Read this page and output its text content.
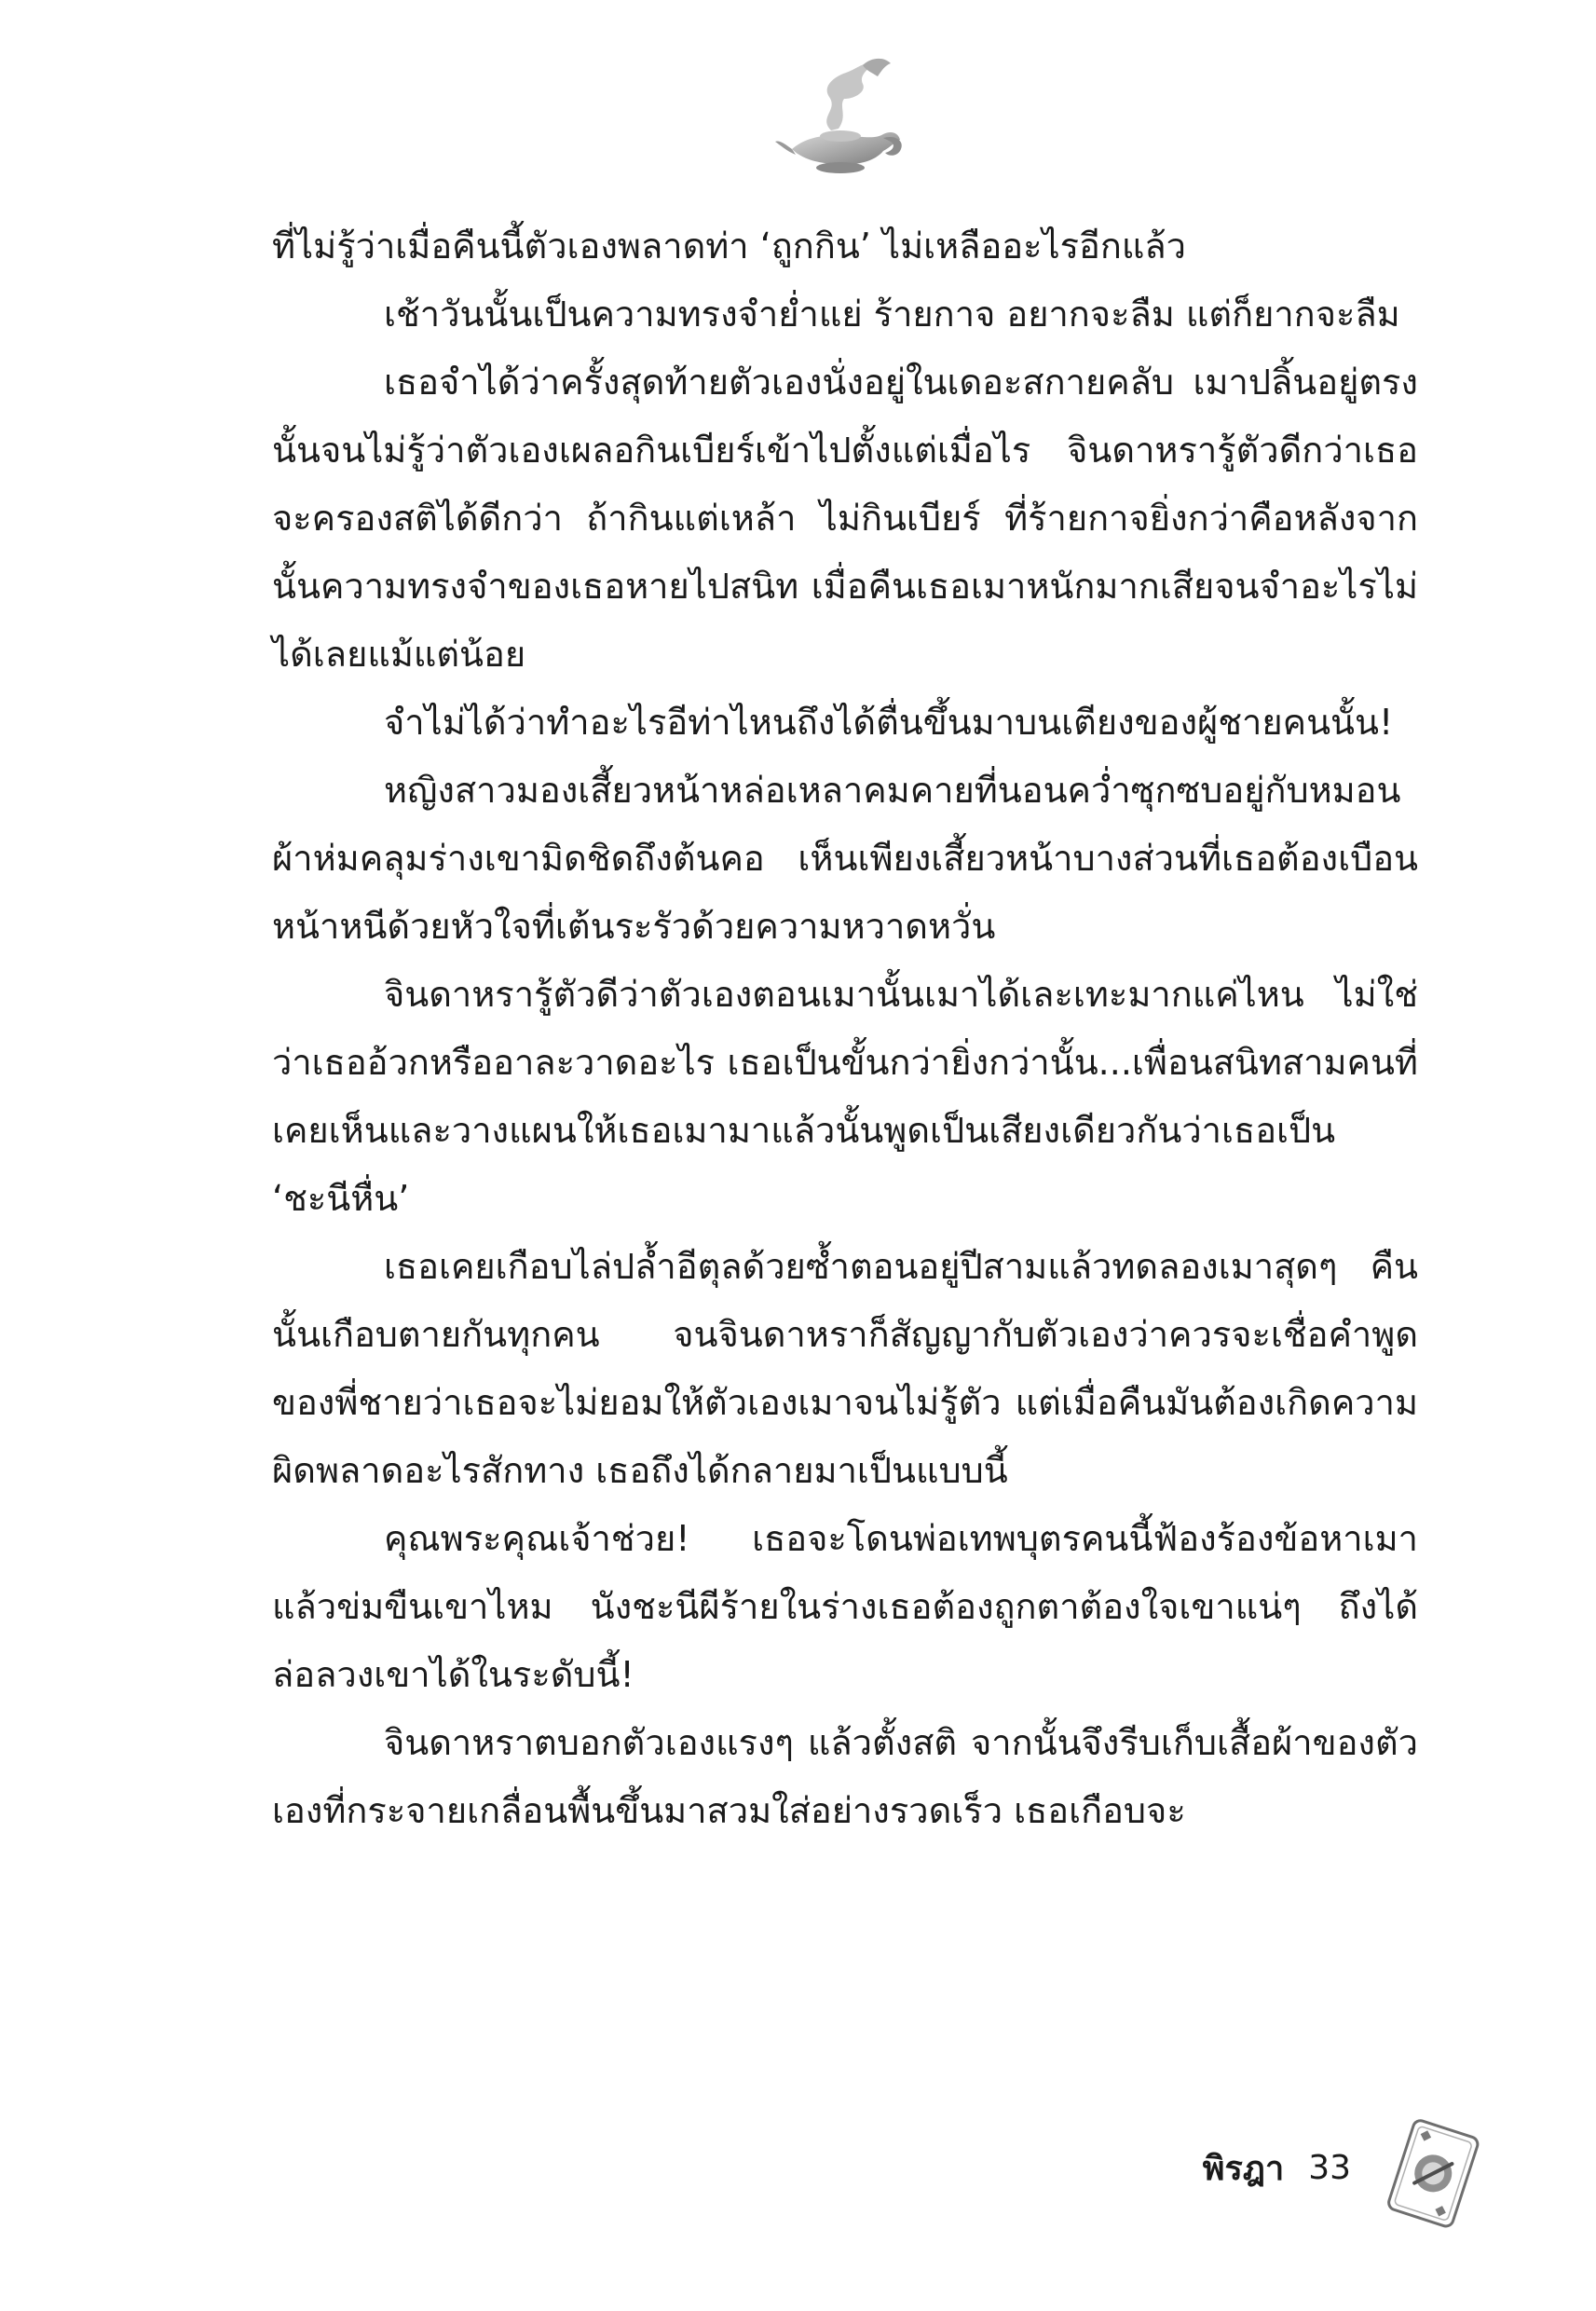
ที่ไม่รู้ว่าเมื่อคืนนี้ตัวเองพลาดท่า ‘ถูกกิน’ ไม่เหลืออะไรอีกแล้ว

เช้าวันนั้นเป็นความทรงจำย่ำแย่ ร้ายกาจ อยากจะลืม แต่ก็ยากจะลืม

เธอจำได้ว่าครั้งสุดท้ายตัวเองนั่งอยู่ในเดอะสกายคลับ เมาปลิ้นอยู่ตรงนั้นจนไม่รู้ว่าตัวเองเผลอกินเบียร์เข้าไปตั้งแต่เมื่อไร จินดาหรารู้ตัวดีกว่าเธอจะครองสติได้ดีกว่า ถ้ากินแต่เหล้า ไม่กินเบียร์ ที่ร้ายกาจยิ่งกว่าคือหลังจากนั้นความทรงจำของเธอหายไปสนิท เมื่อคืนเธอเมาหนักมากเสียจนจำอะไรไม่ได้เลยแม้แต่น้อย

จำไม่ได้ว่าทำอะไรอีท่าไหนถึงได้ตื่นขึ้นมาบนเตียงของผู้ชายคนนั้น!

หญิงสาวมองเสี้ยวหน้าหล่อเหลาคมคายที่นอนคว่ำซุกซบอยู่กับหมอน ผ้าห่มคลุมร่างเขามิดชิดถึงต้นคอ เห็นเพียงเสี้ยวหน้าบางส่วนที่เธอต้องเบือนหน้าหนีด้วยหัวใจที่เต้นระรัวด้วยความหวาดหวั่น

จินดาหรารู้ตัวดีว่าตัวเองตอนเมานั้นเมาได้เละเทะมากแค่ไหน ไม่ใช่ว่าเธออ้วกหรืออาละวาดอะไร เธอเป็นขั้นกว่ายิ่งกว่านั้น...เพื่อนสนิทสามคนที่เคยเห็นและวางแผนให้เธอเมามาแล้วนั้นพูดเป็นเสียงเดียวกันว่าเธอเป็น ‘ชะนีหื่น’

เธอเคยเกือบไล่ปล้ำอีตุลด้วยซ้ำตอนอยู่ปีสามแล้วทดลองเมาสุดๆ คืนนั้นเกือบตายกันทุกคน จนจินดาหราก็สัญญากับตัวเองว่าควรจะเชื่อคำพูดของพี่ชายว่าเธอจะไม่ยอมให้ตัวเองเมาจนไม่รู้ตัว แต่เมื่อคืนมันต้องเกิดความผิดพลาดอะไรสักทาง เธอถึงได้กลายมาเป็นแบบนี้

คุณพระคุณเจ้าช่วย! เธอจะโดนพ่อเทพบุตรคนนี้ฟ้องร้องข้อหาเมาแล้วข่มขืนเขาไหม นังชะนีผีร้ายในร่างเธอต้องถูกตาต้องใจเขาแน่ๆ ถึงได้ล่อลวงเขาได้ในระดับนี้!

จินดาหราตบอกตัวเองแรงๆ แล้วตั้งสติ จากนั้นจึงรีบเก็บเสื้อผ้าของตัวเองที่กระจายเกลื่อนพื้นขึ้นมาสวมใส่อย่างรวดเร็ว เธอเกือบจะ

พิรฎา 33
